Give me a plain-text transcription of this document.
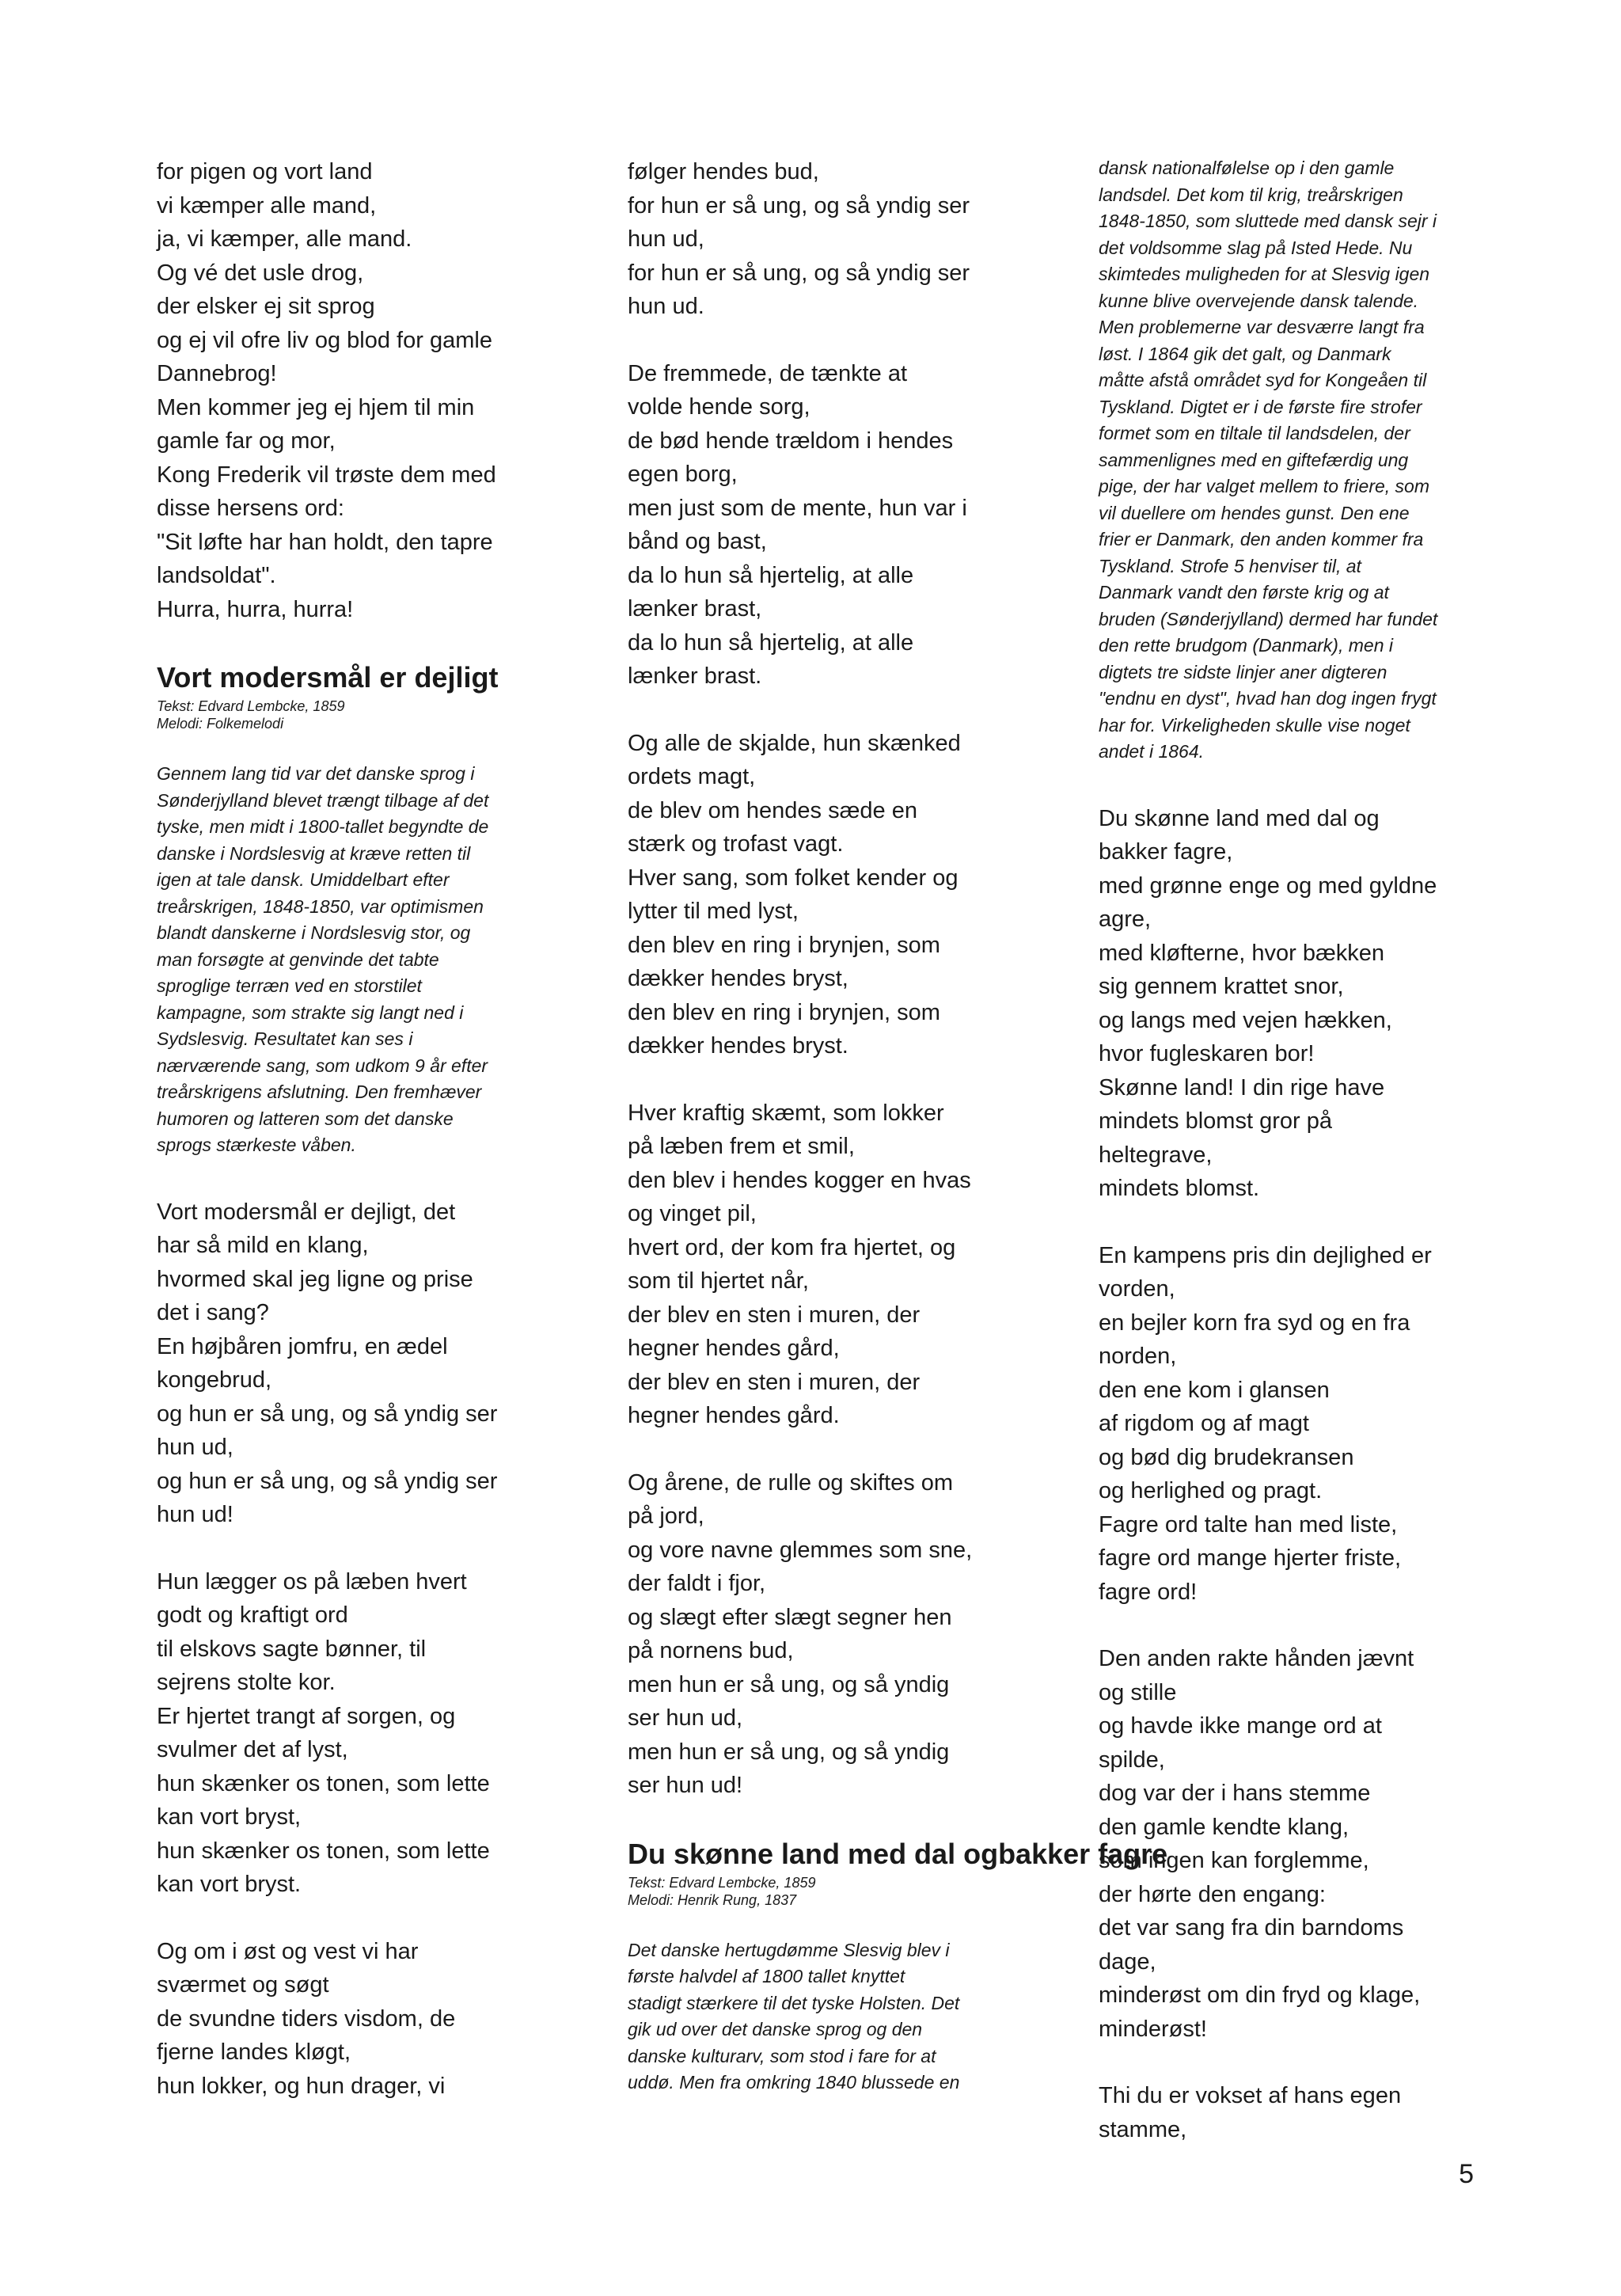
for pigen og vort land
vi kæmper alle mand,
ja, vi kæmper, alle mand.
Og vé det usle drog,
der elsker ej sit sprog
og ej vil ofre liv og blod for gamle
Dannebrog!
Men kommer jeg ej hjem til min
gamle far og mor,
Kong Frederik vil trøste dem med
disse hersens ord:
"Sit løfte har han holdt, den tapre
landsoldat".
Hurra, hurra, hurra!
Vort modersmål er dejligt
Tekst: Edvard Lembcke, 1859
Melodi: Folkemelodi
Gennem lang tid var det danske sprog i
Sønderjylland blevet trængt tilbage af det
tyske, men midt i 1800-tallet begyndte de
danske i Nordslesvig at kræve retten til
igen at tale dansk. Umiddelbart efter
treårskrigen, 1848-1850, var optimismen
blandt danskerne i Nordslesvig stor, og
man forsøgte at genvinde det tabte
sproglige terræn ved en storstilet
kampagne, som strakte sig langt ned i
Sydslesvig. Resultatet kan ses i
nærværende sang, som udkom 9 år efter
treårskrigens afslutning. Den fremhæver
humoren og latteren som det danske
sprogs stærkeste våben.
Vort modersmål er dejligt, det
har så mild en klang,
hvormed skal jeg ligne og prise
det i sang?
En højbåren jomfru, en ædel
kongebrud,
og hun er så ung, og så yndig ser
hun ud,
og hun er så ung, og så yndig ser
hun ud!
Hun lægger os på læben hvert
godt og kraftigt ord
til elskovs sagte bønner, til
sejrens stolte kor.
Er hjertet trangt af sorgen, og
svulmer det af lyst,
hun skænker os tonen, som lette
kan vort bryst,
hun skænker os tonen, som lette
kan vort bryst.
Og om i øst og vest vi har
sværmet og søgt
de svundne tiders visdom, de
fjerne landes kløgt,
hun lokker, og hun drager, vi
følger hendes bud,
for hun er så ung, og så yndig ser
hun ud,
for hun er så ung, og så yndig ser
hun ud.
De fremmede, de tænkte at
volde hende sorg,
de bød hende trældom i hendes
egen borg,
men just som de mente, hun var i
bånd og bast,
da lo hun så hjertelig, at alle
lænker brast,
da lo hun så hjertelig, at alle
lænker brast.
Og alle de skjalde, hun skænked
ordets magt,
de blev om hendes sæde en
stærk og trofast vagt.
Hver sang, som folket kender og
lytter til med lyst,
den blev en ring i brynjen, som
dækker hendes bryst,
den blev en ring i brynjen, som
dækker hendes bryst.
Hver kraftig skæmt, som lokker
på læben frem et smil,
den blev i hendes kogger en hvas
og vinget pil,
hvert ord, der kom fra hjertet, og
som til hjertet når,
der blev en sten i muren, der
hegner hendes gård,
der blev en sten i muren, der
hegner hendes gård.
Og årene, de rulle og skiftes om
på jord,
og vore navne glemmes som sne,
der faldt i fjor,
og slægt efter slægt segner hen
på nornens bud,
men hun er så ung, og så yndig
ser hun ud,
men hun er så ung, og så yndig
ser hun ud!
Du skønne land med dal ogbakker fagre
Tekst: Edvard Lembcke, 1859
Melodi: Henrik Rung, 1837
Det danske hertugdømme Slesvig blev i
første halvdel af 1800 tallet knyttet
stadigt stærkere til det tyske Holsten. Det
gik ud over det danske sprog og den
danske kulturarv, som stod i fare for at
uddø. Men fra omkring 1840 blussede en
dansk nationalfølelse op i den gamle
landsdel. Det kom til krig, treårskrigen
1848-1850, som sluttede med dansk sejr i
det voldsomme slag på Isted Hede. Nu
skimtedes muligheden for at Slesvig igen
kunne blive overvejende dansk talende.
Men problemerne var desværre langt fra
løst. I 1864 gik det galt, og Danmark
måtte afstå området syd for Kongeåen til
Tyskland. Digtet er i de første fire strofer
formet som en tiltale til landsdelen, der
sammenlignes med en giftefærdig ung
pige, der har valget mellem to friere, som
vil duellere om hendes gunst. Den ene
frier er Danmark, den anden kommer fra
Tyskland. Strofe 5 henviser til, at
Danmark vandt den første krig og at
bruden (Sønderjylland) dermed har fundet
den rette brudgom (Danmark), men i
digtets tre sidste linjer aner digteren
"endnu en dyst", hvad han dog ingen frygt
har for. Virkeligheden skulle vise noget
andet i 1864.
Du skønne land med dal og
bakker fagre,
med grønne enge og med gyldne
agre,
med kløfterne, hvor bækken
sig gennem krattet snor,
og langs med vejen hækken,
hvor fugleskaren bor!
Skønne land! I din rige have
mindets blomst gror på
heltegrave,
mindets blomst.
En kampens pris din dejlighed er
vorden,
en bejler korn fra syd og en fra
norden,
den ene kom i glansen
af rigdom og af magt
og bød dig brudekransen
og herlighed og pragt.
Fagre ord talte han med liste,
fagre ord mange hjerter friste,
fagre ord!
Den anden rakte hånden jævnt
og stille
og havde ikke mange ord at
spilde,
dog var der i hans stemme
den gamle kendte klang,
som ingen kan forglemme,
der hørte den engang:
det var sang fra din barndoms
dage,
minderøst om din fryd og klage,
minderøst!
Thi du er vokset af hans egen
stamme,
5
